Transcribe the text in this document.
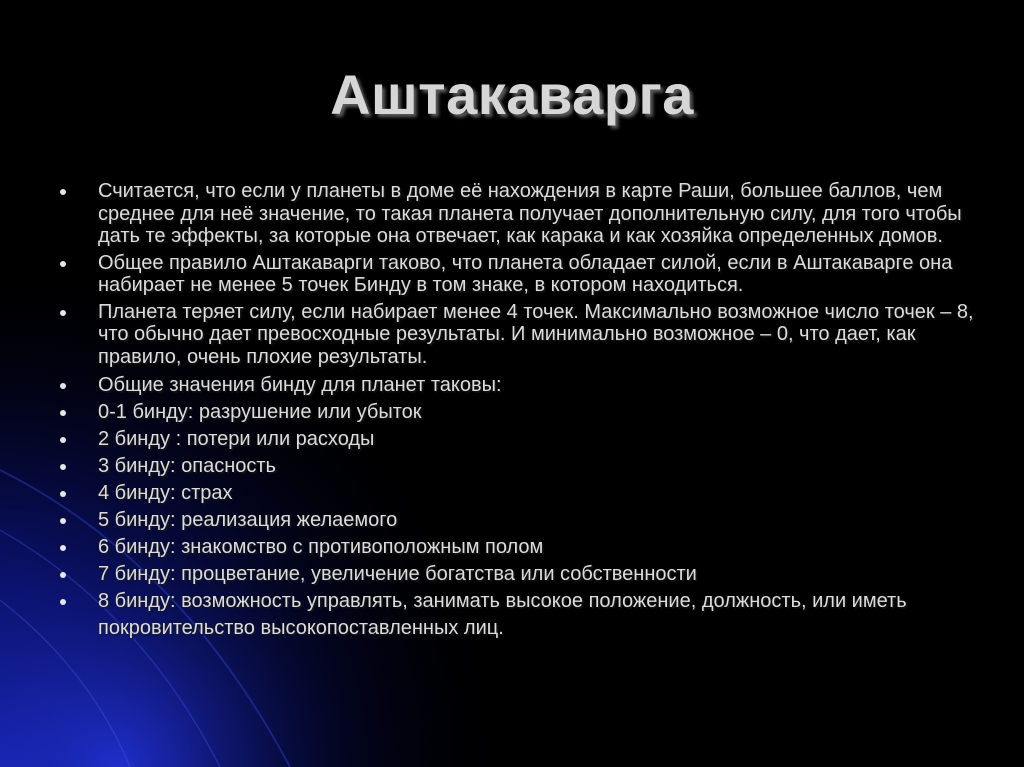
Аштакаварга
Считается, что если у планеты в доме её нахождения в карте Раши, большее баллов, чем среднее для неё значение, то такая планета получает дополнительную силу, для того чтобы дать те эффекты, за которые она отвечает, как карака и как хозяйка определенных домов.
Общее правило Аштакаварги таково, что планета обладает силой, если в Аштакаварге она набирает не менее 5 точек Бинду в том знаке, в котором находиться.
Планета теряет силу, если набирает менее 4 точек. Максимально возможное число точек – 8, что обычно дает превосходные результаты. И минимально возможное – 0, что дает, как правило, очень плохие результаты.
Общие значения бинду для планет таковы:
0-1 бинду: разрушение или убыток
2 бинду : потери или расходы
3 бинду: опасность
4 бинду: страх
5 бинду: реализация желаемого
6 бинду: знакомство с противоположным полом
7 бинду: процветание, увеличение богатства или собственности
8 бинду: возможность управлять, занимать высокое положение, должность, или иметь покровительство высокопоставленных лиц.
